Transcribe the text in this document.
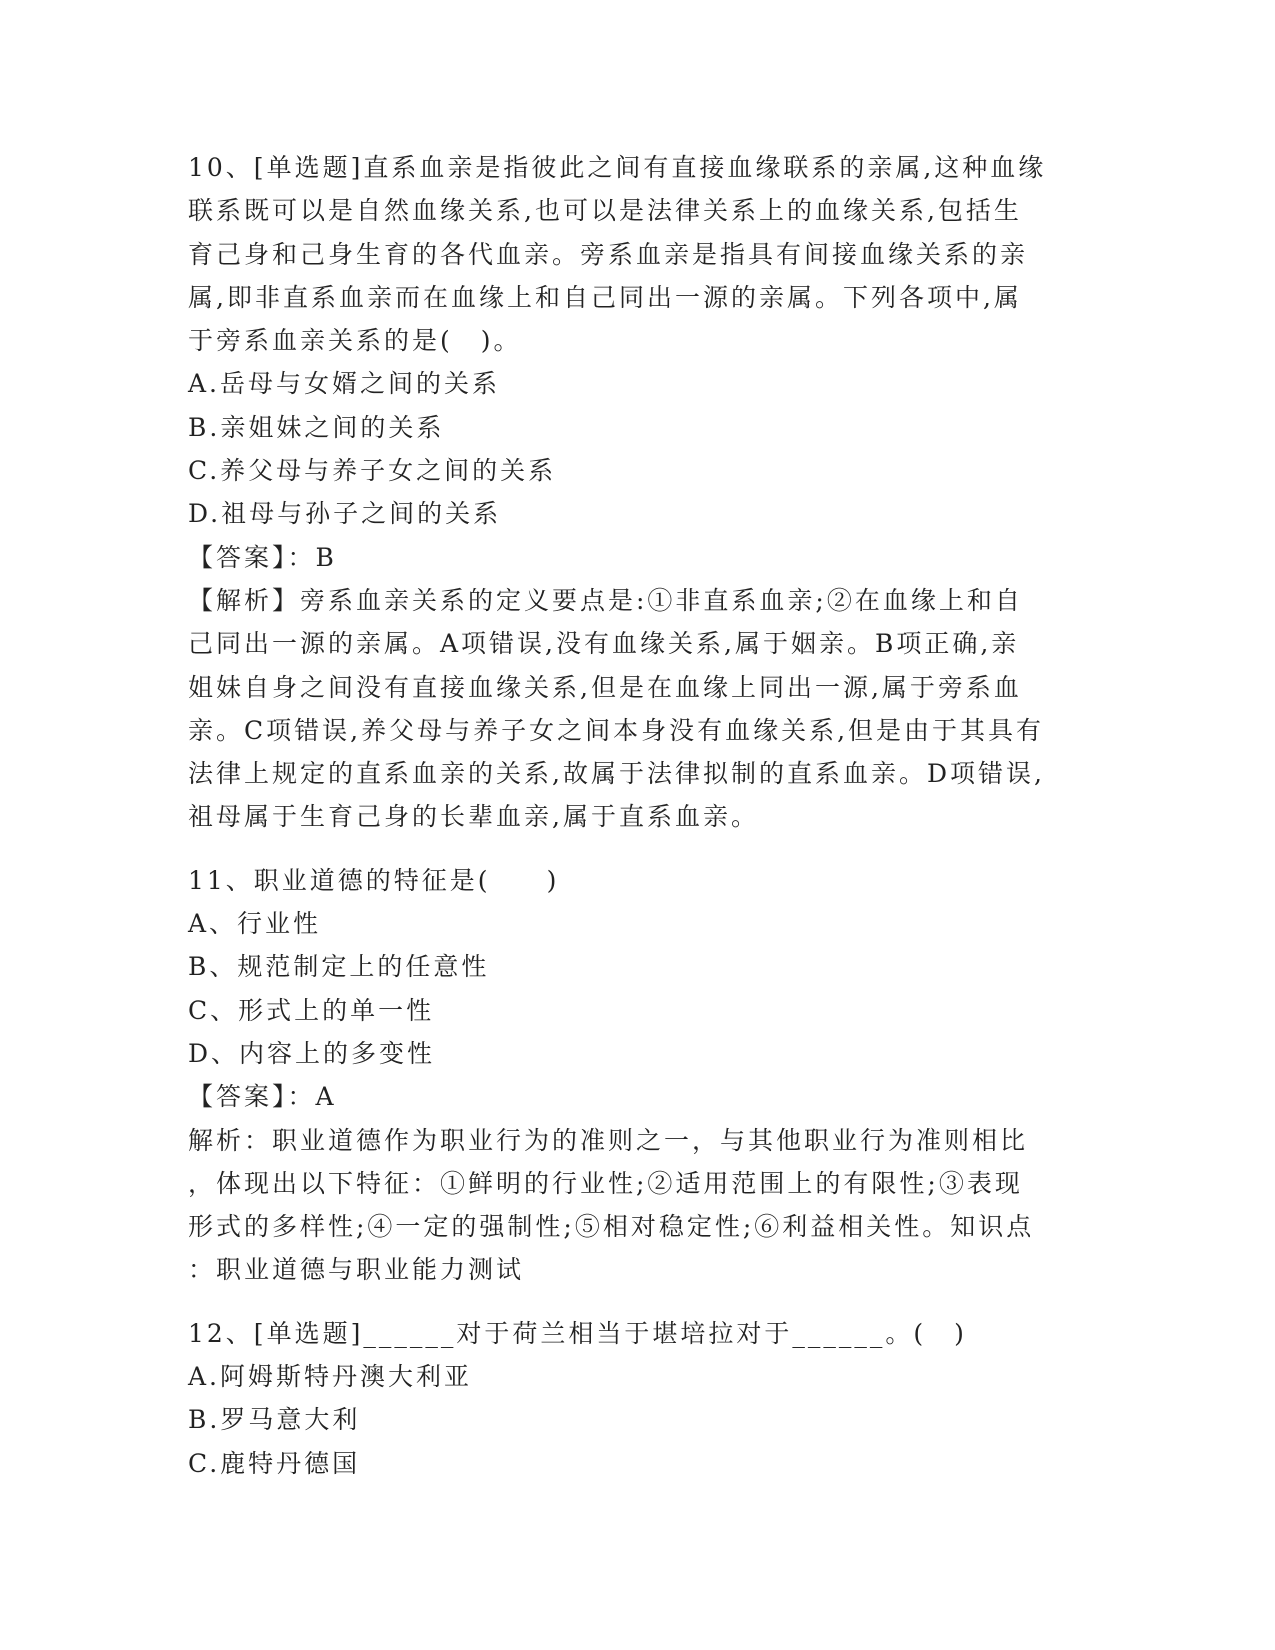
10、[单选题]直系血亲是指彼此之间有直接血缘联系的亲属,这种血缘
联系既可以是自然血缘关系,也可以是法律关系上的血缘关系,包括生
育己身和己身生育的各代血亲。旁系血亲是指具有间接血缘关系的亲
属,即非直系血亲而在血缘上和自己同出一源的亲属。下列各项中,属
于旁系血亲关系的是(　)。
A.岳母与女婿之间的关系
B.亲姐妹之间的关系
C.养父母与养子女之间的关系
D.祖母与孙子之间的关系
【答案】：B
【解析】旁系血亲关系的定义要点是:①非直系血亲;②在血缘上和自
己同出一源的亲属。A项错误,没有血缘关系,属于姻亲。B项正确,亲
姐妹自身之间没有直接血缘关系,但是在血缘上同出一源,属于旁系血
亲。C项错误,养父母与养子女之间本身没有血缘关系,但是由于其具有
法律上规定的直系血亲的关系,故属于法律拟制的直系血亲。D项错误,
祖母属于生育己身的长辈血亲,属于直系血亲。
11、职业道德的特征是(　　)
A、行业性
B、规范制定上的任意性
C、形式上的单一性
D、内容上的多变性
【答案】：A
解析：职业道德作为职业行为的准则之一，与其他职业行为准则相比
，体现出以下特征：①鲜明的行业性;②适用范围上的有限性;③表现
形式的多样性;④一定的强制性;⑤相对稳定性;⑥利益相关性。知识点
：职业道德与职业能力测试
12、[单选题]______对于荷兰相当于堪培拉对于______。(　)
A.阿姆斯特丹澳大利亚
B.罗马意大利
C.鹿特丹德国
